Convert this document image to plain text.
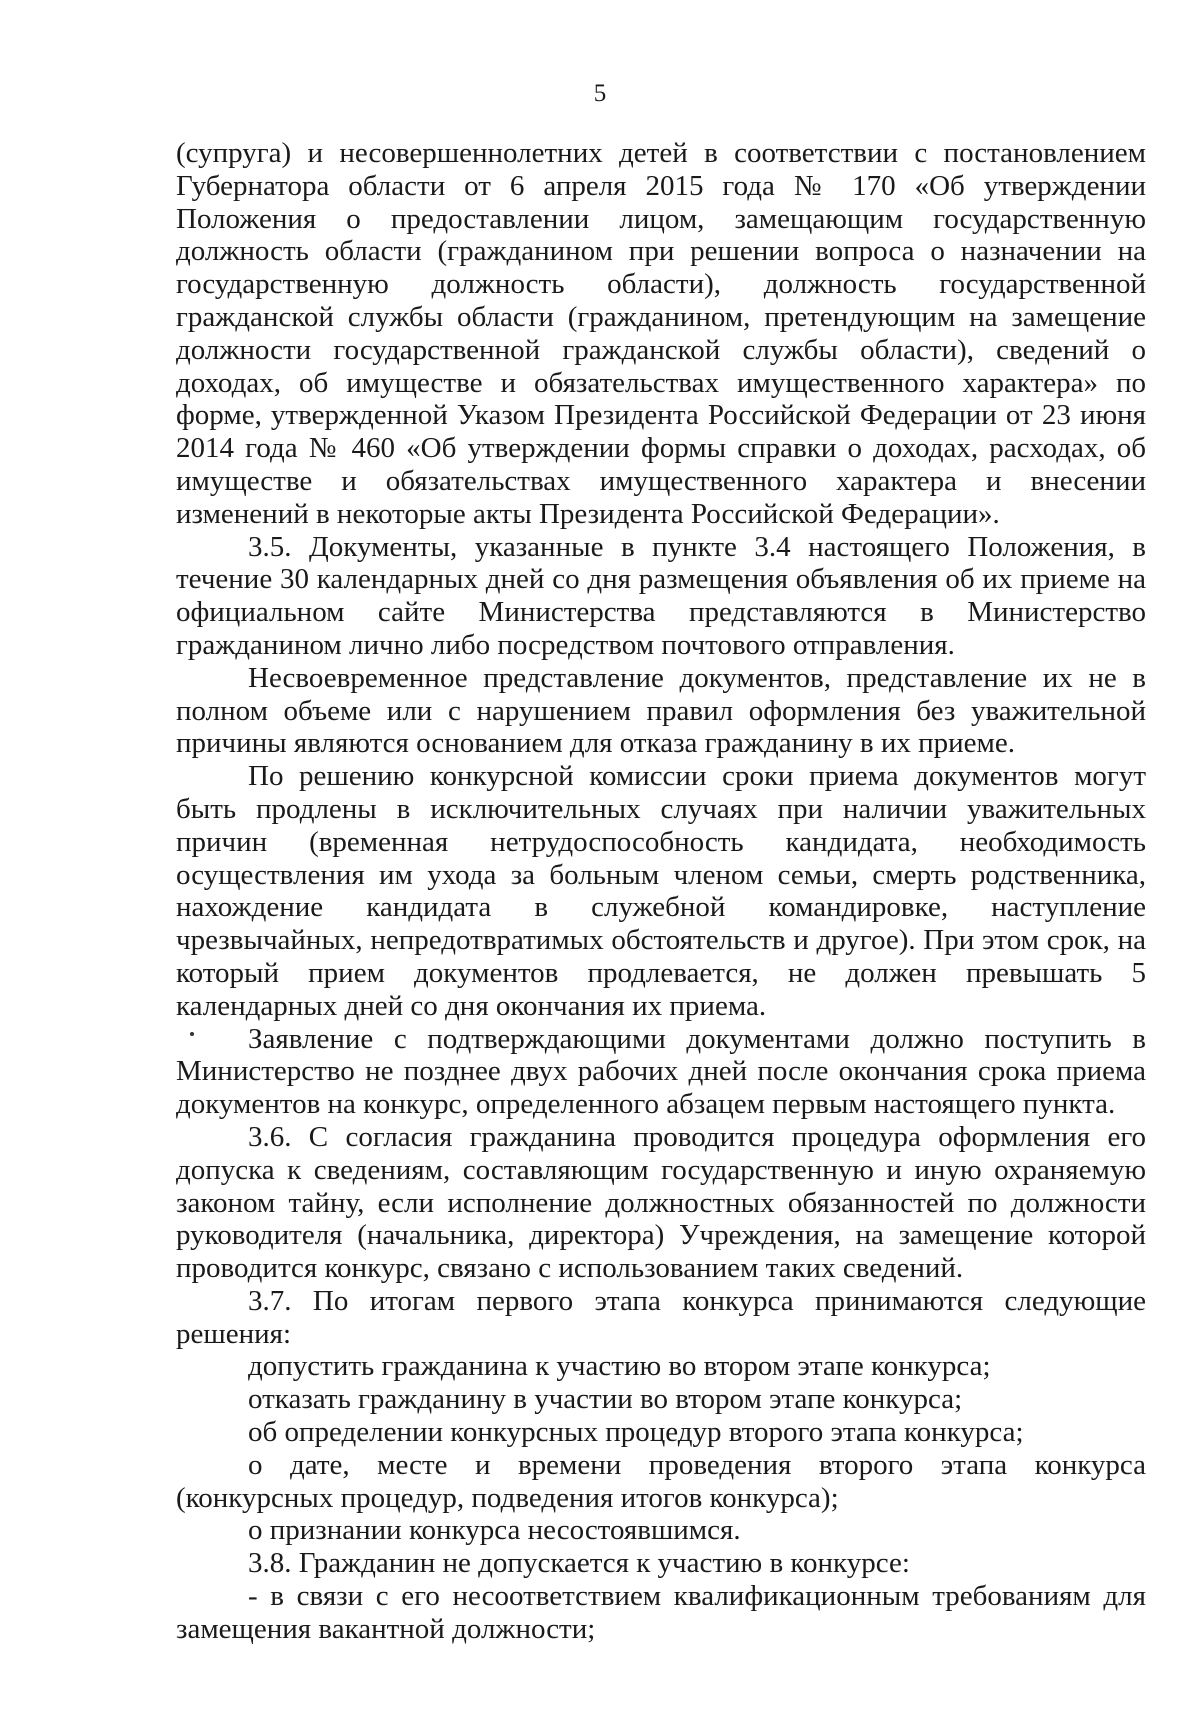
5

(супруга) и несовершеннолетних детей в соответствии с постановлением Губернатора области от 6 апреля 2015 года № 170 «Об утверждении Положения о предоставлении лицом, замещающим государственную должность области (гражданином при решении вопроса о назначении на государственную должность области), должность государственной гражданской службы области (гражданином, претендующим на замещение должности государственной гражданской службы области), сведений о доходах, об имуществе и обязательствах имущественного характера» по форме, утвержденной Указом Президента Российской Федерации от 23 июня 2014 года № 460 «Об утверждении формы справки о доходах, расходах, об имуществе и обязательствах имущественного характера и внесении изменений в некоторые акты Президента Российской Федерации».

3.5. Документы, указанные в пункте 3.4 настоящего Положения, в течение 30 календарных дней со дня размещения объявления об их приеме на официальном сайте Министерства представляются в Министерство гражданином лично либо посредством почтового отправления.

Несвоевременное представление документов, представление их не в полном объеме или с нарушением правил оформления без уважительной причины являются основанием для отказа гражданину в их приеме.

По решению конкурсной комиссии сроки приема документов могут быть продлены в исключительных случаях при наличии уважительных причин (временная нетрудоспособность кандидата, необходимость осуществления им ухода за больным членом семьи, смерть родственника, нахождение кандидата в служебной командировке, наступление чрезвычайных, непредотвратимых обстоятельств и другое). При этом срок, на который прием документов продлевается, не должен превышать 5 календарных дней со дня окончания их приема.

Заявление с подтверждающими документами должно поступить в Министерство не позднее двух рабочих дней после окончания срока приема документов на конкурс, определенного абзацем первым настоящего пункта.

3.6. С согласия гражданина проводится процедура оформления его допуска к сведениям, составляющим государственную и иную охраняемую законом тайну, если исполнение должностных обязанностей по должности руководителя (начальника, директора) Учреждения, на замещение которой проводится конкурс, связано с использованием таких сведений.

3.7. По итогам первого этапа конкурса принимаются следующие решения:

допустить гражданина к участию во втором этапе конкурса;

отказать гражданину в участии во втором этапе конкурса;

об определении конкурсных процедур второго этапа конкурса;

о дате, месте и времени проведения второго этапа конкурса (конкурсных процедур, подведения итогов конкурса);

о признании конкурса несостоявшимся.

3.8. Гражданин не допускается к участию в конкурсе:

- в связи с его несоответствием квалификационным требованиям для замещения вакантной должности;
